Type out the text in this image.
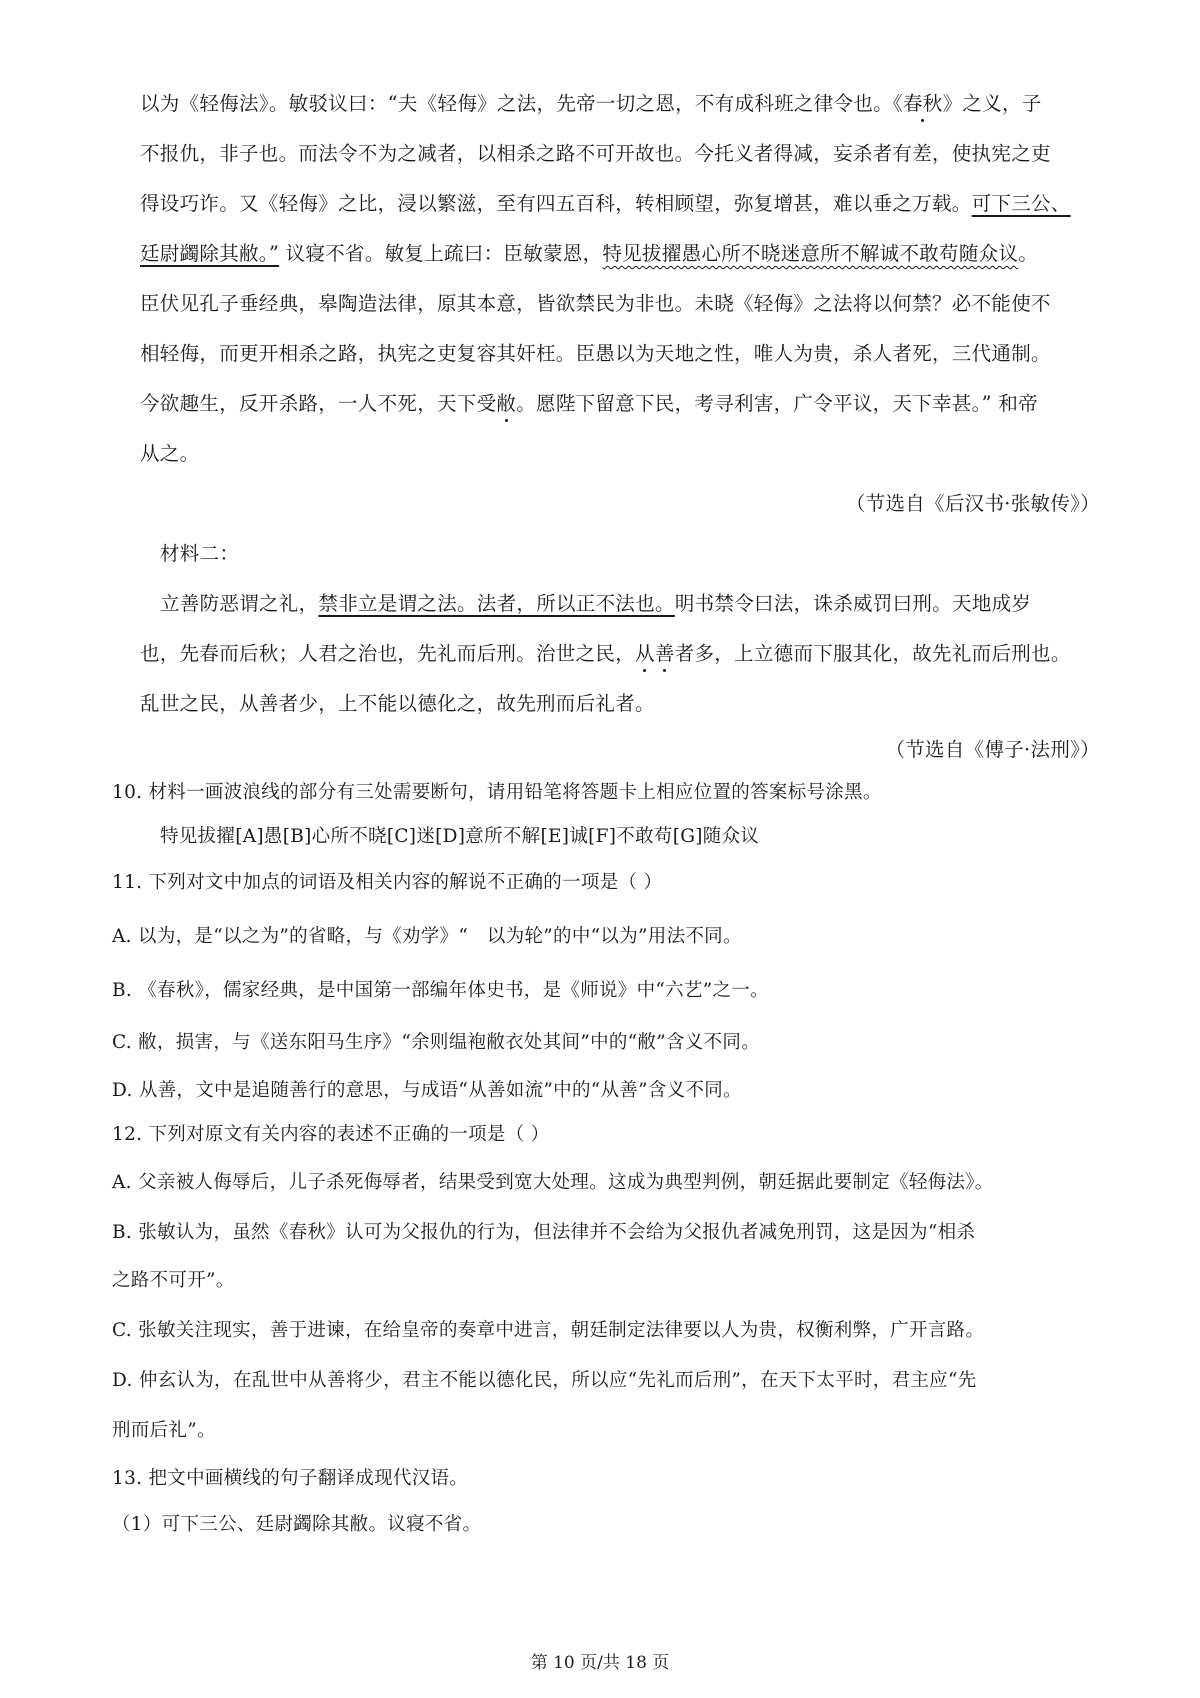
以为《轻侮法》。敏驳议曰：“夫《轻侮》之法，先帝一切之恩，不有成科班之律令也。《春秋》之义，子
不报仇，非子也。而法令不为之减者，以相杀之路不可开故也。今托义者得减，妄杀者有差，使执宪之吏
得设巧诈。又《轻侮》之比，浸以繁滋，至有四五百科，转相顾望，弥复增甚，难以垂之万载。可下三公、
廷尉蠲除其敝。” 议寝不省。敏复上疏曰：臣敏蒙恩，特见拔擢愚心所不晓迷意所不解诚不敢苟随众议。
臣伏见孔子垂经典，皋陶造法律，原其本意，皆欲禁民为非也。未晓《轻侮》之法将以何禁？必不能使不
相轻侮，而更开相杀之路，执宪之吏复容其奸枉。臣愚以为天地之性，唯人为贵，杀人者死，三代通制。
今欲趣生，反开杀路，一人不死，天下受敝。愿陛下留意下民，考寻利害，广令平议，天下幸甚。” 和帝
从之。
（节选自《后汉书·张敏传》）
材料二：
立善防恶谓之礼，禁非立是谓之法。法者，所以正不法也。明书禁令曰法，诛杀威罚曰刑。天地成岁
也，先春而后秋；人君之治也，先礼而后刑。治世之民，从善者多，上立德而下服其化，故先礼而后刑也。
乱世之民，从善者少，上不能以德化之，故先刑而后礼者。
（节选自《傅子·法刑》）
10. 材料一画波浪线的部分有三处需要断句，请用铅笔将答题卡上相应位置的答案标号涂黑。
特见拔擢[A]愚[B]心所不晓[C]迷[D]意所不解[E]诚[F]不敢苟[G]随众议
11. 下列对文中加点的词语及相关内容的解说不正确的一项是（ ）
A. 以为，是“以之为”的省略，与《劝学》“　以为轮”的中“以为”用法不同。
B. 《春秋》，儒家经典，是中国第一部编年体史书，是《师说》中“六艺”之一。
C. 敝，损害，与《送东阳马生序》“余则缊袍敝衣处其间”中的“敝”含义不同。
D. 从善，文中是追随善行的意思，与成语“从善如流”中的“从善”含义不同。
12. 下列对原文有关内容的表述不正确的一项是（ ）
A. 父亲被人侮辱后，儿子杀死侮辱者，结果受到宽大处理。这成为典型判例，朝廷据此要制定《轻侮法》。
B. 张敏认为，虽然《春秋》认可为父报仇的行为，但法律并不会给为父报仇者减免刑罚，这是因为“相杀
之路不可开”。
C. 张敏关注现实，善于进谏，在给皇帝的奏章中进言，朝廷制定法律要以人为贵，权衡利弊，广开言路。
D. 仲玄认为，在乱世中从善将少，君主不能以德化民，所以应“先礼而后刑”，在天下太平时，君主应“先
刑而后礼”。
13. 把文中画横线的句子翻译成现代汉语。
（1）可下三公、廷尉蠲除其敝。议寝不省。
第 10 页/共 18 页
